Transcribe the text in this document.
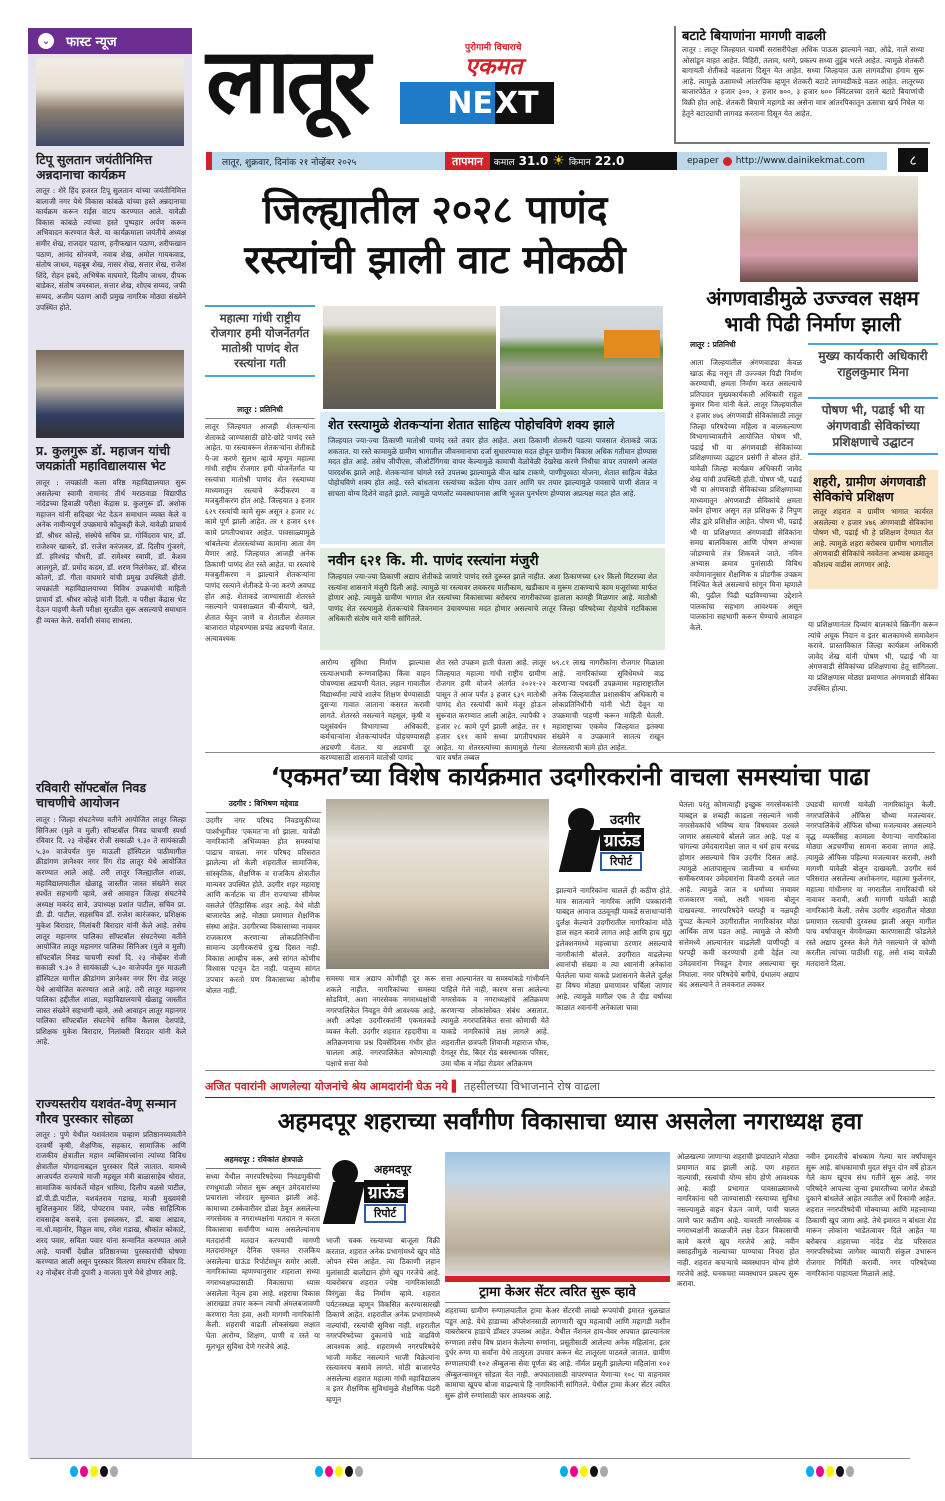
⌄ फास्ट न्यूज
टिपू सुलतान जयंतीनिमित्त अन्नदानाचा कार्यक्रम
लातूर : शेरे हिंद हजरत टिपू सुलतान यांच्या जयंतीनिमित्त बालाजी नगर येथे विकास कांबळे यांच्या हस्ते अन्नदानाचा कार्यक्रम करून राईस वाटप करण्यात आले. यावेळी विकास कांबळे त्यांच्या हस्ते पुष्पहार अर्पण करून अभिवादन करण्यात केले. या कार्यक्रमाला जयंतीचे अध्यक्ष समीर शेख, राजदार पठाण, हनीफखान पठाण, शरीफखान पठाण, आनंद सोनवणे, नवाब शेख, अमोल गायकवाड, संतोष जाधव, महबूब शेख, नासर शेख, सत्तार शेख, राजेश शिंदे, रोहन हबदे, अभिषेक वाघमारे, दिलीप जाधव, दीपक बाडेकर, संतोष जयस्वाल, सत्तार शेख, शोएब सय्यद, जफी सय्यद, अजीम पठाण आदी प्रमुख नागरिक मोठ्या संख्येने उपस्थित होते.
प्र. कुलगुरू डॉ. महाजन यांची जयक्रांती महाविद्यालयास भेट
लातूर : जयक्रांती कला वरिष्ठ महाविद्यालयात सुरू असलेल्या स्वामी रामानंद तीर्थ मराठवाडा विद्यापीठ नांदेडच्या हिवाळी परीक्षा केंद्रास प्र. कुलगुरू डॉ. अशोक महाजन यांनी सदिच्छा भेट देऊन समाधान व्यक्त केले व अनेक नावीन्यपूर्ण उपक्रमाचे कौतुकही केले. यावेळी प्राचार्य डॉ. श्रीधर कोल्हे, संस्थेचे सचिव प्रा. गोविंदराव घार, डॉ. राजेश्वर खाकरे, डॉ. राजेश करंजकर, डॉ. दिलीप गुंजरगे, डॉ. हरिश्चंद्र चौधरी, डॉ. रामेश्वर स्वामी, डॉ. केशव आलगुले, डॉ. प्रमोद कदम, डॉ. शरण निलंगेकर, डॉ. धीरज कोतगे, डॉ. गीता वाघमारे यांची प्रमुख उपस्थिती होती. जयक्रांती महाविद्यालयाच्या विविध उपक्रमांची माहिती प्राचार्य डॉ. श्रीधर कोल्हे यांनी दिली. व परीक्षा केंद्रास भेट देऊन पाहणी केली परीक्षा सुरळीत सुरू असल्याचे समाधान ही व्यक्त केले. सर्वांशी संवाद साधला.
रविवारी सॉफ्टबॉल निवड चाचणीचे आयोजन
लातूर : जिल्हा संघटनेच्या वतीने आयोजित लातूर जिल्हा सिनिअर (मुले व मुली) सॉफ्टबॉल निवड चाचणी स्पर्धा रविवार दि. २३ नोव्हेंबर रोजी सकाळी ९.३० ते सायंकाळी ५.३० वाजेपर्यंत गुरु माऊली हॉस्पिटल पाठीमागील क्रीडांगण ज्ञानेश्वर नगर रिंग रोड लातूर येथे आयोजित करण्यात आले आहे. तरी लातूर जिल्ह्यातील शाळा, महाविद्यालयातील खेळाडू जास्तीत जास्त संख्येने सदर स्पर्धेत सहभागी व्हावे, असे आवाहन जिल्हा संघटनेचे अध्यक्ष मकरंद सावे, उपाध्यक्ष प्रशांत पाटील, सचिव प्रा. डी. डी. पाटील, सहसचिव डॉ. राजेश कारंजकर, प्रशिक्षक मुकेश बिरादार, निलांबरी बिरादार यांनी केले आहे. तसेच लातूर महानगर पालिका सॉफ्टबॉल संघटनेच्या वतीने आयोजित लातूर महानगर पालिका सिनिअर (मुले व मुली) सॉफ्टबॉल निवड चाचणी स्पर्धा दि. २३ नोव्हेंबर रोजी सकाळी ९.३० ते सायंकाळी ५.३० वाजेपर्यंत गुरु माऊली हॉस्पिटल मागील क्रीडांगण ज्ञानेश्वर नगर रिंग रोड लातूर येथे आयोजित करण्यात आले आहे. तरी लातूर महानगर पालिका हद्दीतील शाळा, महाविद्यालयाचे खेळाडू जास्तीत जास्त संख्येने सहभागी व्हावे, असे आवाहन लातूर महानगर पालिका सॉफ्टबॉल संघटनेचे सचिव कैलास देशपांडे, प्रशिक्षक मुकेश बिरादार, निलांबरी बिरादार यांनी केले आहे.
राज्यस्तरीय यशवंत-वेणू सन्मान गौरव पुरस्कार सोहळा
लातूर : पुणे येथील यशवंतराव चव्हाण प्रतिष्ठानच्यावतीने दरवर्षी कृषी, शैक्षणिक, सहकार, सामाजिक आणि राजकीय क्षेत्रातील महान व्यक्तिमत्त्वांना त्यांच्या विविध क्षेत्रातील योगदानाबद्दल पुरस्कार दिले जातात. यामध्ये आजपर्यंत राज्याचे माजी महसूल मंत्री बाळासाहेब थोरात, सामाजिक कार्यकर्ते मोहन धारिया, दिलीप वळसे पाटील, डॉ.पी.डी.पाटील, यशवंतराव गडाख, माजी मुख्यमंत्री सुशिलकुमार शिंदे, पोपटराव पवार, ज्येष्ठ साहित्यिक रावसाहेब कसबे, दत्ता इस्वलकर, डॉ. बाबा आढाव, ना.धो.महानोर, विठ्ठल वाघ, रमेश गडाख, श्रीकांत कोकाटे, शरद पवार, सविता पवार यांना सन्मानित करण्यात आले आहे. यावर्षी देखील प्रतिष्ठानच्या पुरस्कारांची घोषणा करण्यात आली असून पुरस्कार वितरण समारंभ रविवार दि. २३ नोव्हेंबर रोजी दुपारी ३ वाजता पुणे येथे होणार आहे.
लातूर	पुरोगामी विचाराचे
एकमत
NE XT
लातूर, शुक्रवार, दिनांक २१ नोव्हेंबर २०२५	तापमान	कमाल 31.0 ☀ किमान 22.0	epaper http://www.dainikekmat.com	८
बटाटे बियाणांना मागणी वाढली
लातूर : लातूर जिल्हयात यावर्षी सरासरीपेक्षा अधिक पाऊस झाल्याने नद्या, ओढे, नाले सध्या ओसांडून वाहत आहेत. विहिरी, तलाव, धरणे, प्रकल्प सध्या तुडुंब भरले आहेत. त्यामुळे शेतकरी बागायती शेतीकडे वळताना दिसून येत आहेत. सध्या जिल्हयात ऊस लागवडीचा हंगाम सुरू आहे. त्यामुळे ऊसामध्ये आंतरपिक म्हणून शेतकरी बटाटे लागवडीकडे वळत आहेत. लातूरच्या बाजारपेठेत २ हजार ३००, २ हजार ७००, ३ हजार ७०० क्विंटलच्या दराने बटाटे बियाणांची विक्री होत आहे. शेतकरी बियाणे महागडे का असेना मात्र आंतरपिकातून ऊसाचा खर्च निघेल या हेतूने बटाट्याची लागवड करताना दिसून येत आहेत.
जिल्ह्यातील २०२८ पाणंद
रस्त्यांची झाली वाट मोकळी
महात्मा गांधी राष्ट्रीय रोजगार हमी योजनेंतर्गत मातोश्री पाणंद शेत रस्त्यांना गती
लातूर : प्रतिनिधी
लातूर जिल्हयात आजही शेतकऱ्यांना शेताकडे जाण्यासाठी छोटे-छोटे पाणंद रस्ते आहेत. या रस्त्यावरून शेतकऱ्यांना शेतीकडे ये-जा करणे सुलभ व्हावे म्हणून महात्मा गांधी राष्ट्रीय रोजगार हमी योजनेंतर्गत या रस्त्यांचा मातोश्री पाणंद शेत रस्त्याच्या माध्यमातून रस्त्याचे रूंदीकरण व मजबुतीकरण होत आहे. जिल्हयात ३ हजार ६२९ रस्त्यांची कामे सुरू असून २ हजार २८ कामे पूर्ण झाली आहेत. तर १ हजार ६११ कामे प्रगतीपथावर आहेत. पावसाळ्यामुळे थांबलेल्या शेतरस्त्यांच्या कामांना आता वेग येणार आहे. जिल्हयात आजही अनेक ठिकाणी पाणंद शेत रस्ते आहेत. या रस्त्यांचे मजबुतीकरण न झाल्याने शेतकऱ्यांना पाणंद रस्त्याने शेतीकडे ये-जा करणे अवघड होत आहे. शेताकडे जाण्यासाठी शेतरस्ते नसल्याने पावसाळ्यात बी-बीयाणे, खते, शेतात घेवून जाणे व शेतातील शेतमाल बाजारात पोहचण्यास प्रचंड अडचणी येतात. अत्यावश्यक
शेत रस्त्यामुळे शेतकऱ्यांना शेतात साहित्य पोहोचविणे शक्य झाले
जिल्हयात ज्या-ज्या ठिकाणी मातोश्री पाणंद रस्ते तयार होत आहेत. अशा ठिकाणी शेतकरी पडत्या पावसात शेताकडे जाऊ शकतात. या रस्ते कामामुळे ग्रामीण भागातील जीवनमानाचा दर्जा सुधारण्यास मदत होवून ग्रामीण विकास अधिक गतीमान होण्यास मदत होत आहे. तसेच जीपीएस, जीओटॅगिंगचा वापर केल्यामुळे कामाची वेळोवेळी देखरेख करणे निधीचा वापर तपासणे अत्यंत पारदर्शक झाले आहे. शेतकऱ्यांना चांगले रस्ते उपलब्ध झाल्यामुळे वीज खांब टाकणे, पाणीपुरवठा योजना, शेतात साहित्य वेळेत पोहोचविणे शक्य होत आहे. रस्ते बांधताना रस्त्यांच्या कडेला योग्य उतार आणि चर तयार झाल्यामुळे पावसाचे पाणी शेतात न साचता योग्य दिशेने वाहते झाले. त्यामुळे पाणलोट व्यवस्थापनास आणि भूजल पुनर्भरण होण्यास अप्रत्यक्ष मदत होत आहे.
नवीन ६२१ कि. मी. पाणंद रस्त्यांना मंजुरी
जिल्हयात ज्या-ज्या ठिकाणी अद्याप शेतीकडे जाणारे पाणंद रस्ते दुरूस्त झाले नाहीत. अशा ठिकाणच्या ६२१ किलो मिटरच्या शेत रस्त्यांना शासनाने मंजुरी दिली आहे. त्यामुळे या रस्त्यावर लवकरच मातीकाम, खडीकाम व मुरूम टाकण्याचे काम मजूरांच्या मार्फत होणार आहे. त्यामुळे ग्रामीण भागात शेत रस्त्यांच्या विकासाच्या बरोबरच नागरीकांच्या हाताला कामही मिळणार आहे. मातोश्री पाणंद शेत रस्त्यामुळे शेतकऱ्यांचे जिवनमान उंचावण्यास मदत होणार असल्याचे लातूर जिल्हा परिषदेच्या रोहयोचे गटविकास अधिकारी संतोष माने यांनी सांगितले.
आरोग्य सुविधा निर्माण झाल्यास रस्त्याअभावी रूग्णवाहिका किंवा वाहन पोचण्यास अडचणी येतात. लहान गावातील विद्यार्थ्यांना त्यांचे शालेय शिक्षण घेण्यासाठी दुसऱ्या गावात जाताना कसरत करावी लागते. शेतरस्ते नसल्याने महसूल, कृषी व पशुसंवर्धन विभागाच्या अधिकारी, कर्मचाऱ्यांना शेतकऱ्यांपर्यंत पोहचण्यासही अडचणी येतात. या अडचणी दूर करण्यासाठी शासनाने मातोश्री पाणंद
शेत रस्ते उपक्रम हाती घेतला आहे. लातूर जिल्हयात महात्मा गांधी राष्ट्रीय ग्रामीण रोजगार हमी योजने अंतर्गत २०२१-२२ पासून ते आज पर्यंत ३ हजार ६३९ मातोश्री पाणंद शेत रस्त्यांची कामे मंजूर होऊन सुरूवात करण्यात आली आहेत. त्यापैकी २ हजार २८ कामे पूर्ण झाली आहेत. तर १ हजार ६११ कामे सध्या प्रगतीपथावर आहेत. या शेतरस्त्यांच्या कामामुळे गेल्या चार वर्षात तब्बल
७९.८१ लाख नागरीकांना रोजगार मिळाला आहे. नागरिकांच्या सुविधेमध्ये वाढ करणाऱ्या पथदर्शी उपक्रमास महाराष्ट्रातील अनेक जिल्हयातील प्रशासकीय अधिकारी व लोकप्रतिनिधींनी यांनी भेटी देवून या उपक्रमाची पाहणी करून माहिती घेतली. महाराष्ट्राच्या एकमेव जिल्हयात इतक्या संख्येने व उपक्रमाने सातत्य राखून शेतरस्त्याची कामे होत आहेत.
अंगणवाडीमुळे उज्ज्वल सक्षम भावी पिढी निर्माण झाली
लातूर : प्रतिनिधी
मुख्य कार्यकारी अधिकारी राहुलकुमार मिना
पोषण भी, पढाई भी या अंगणवाडी सेविकांच्या प्रशिक्षणाचे उद्घाटन
आता जिल्हयातील अंगणवाड्या केवळ खाऊ केंद्र नसून ती उज्ज्वल पिढी निर्माण करण्याची, क्षमता निर्माण करत असल्याचे प्रतिपादन मुख्यकार्यकारी अधिकारी राहुल कुमार मिना यांनी केले. लातूर जिल्हयातील २ हजार ४७६ अंगणवाडी सेविकांसाठी लातूर जिल्हा परिषदेच्या महिला व बालकल्याण विभागाच्यावतीने आयोजित पोषण भी, पढाई भी या अंगणवाडी सेविकांच्या प्रशिक्षणाच्या उद्घाटन प्रसंगी ते बोलत होते. यावेळी जिल्हा कार्यक्रम अधिकारी जावेद शेख यांची उपस्थिती होती. पोषण भी, पढाई भी या अंगणवाडी सेविकांच्या प्रशिक्षणाच्या माध्यमातून अंगणवाडी सेविकांचे क्षमता वर्धन होणार असून तज्ञ प्रशिक्षक हे निपुण लीड द्वारे प्रशिक्षीत आहेत. पोषण भी, पढाई भी या प्रशिक्षणात अंगणवाडी सेविकांना समग्र बालविकास आणि पोषण अभ्यास जोडण्याचे तंत्र शिकवले जाते. नविन अभ्यास क्रमाव पुनांसाठी विविध वयोमानानुसार शैक्षणिक व प्रोडगीक उपक्रम निश्चित केले असल्याचे सांगून मिना म्हणाले की, पुढील पिढी घडविण्याच्या उद्देशाने पालकांचा सहभाग आवश्यक असून पालकांना सहभागी करून घेण्याचे आवाहन केले.
शहरी, ग्रामीण अंगणवाडी सेविकांचे प्रशिक्षण
लातूर शहरात व ग्रामीण भागात कार्यरत असलेल्या २ हजार ४७६ अंगणवाडी सेविकांना पोषण भी, पढाई भी हे प्रशिक्षण देण्यात येत आहे. त्यामुळे शहरा बरोबरच ग्रामीण भागातील अंगणवाडी सेविकांचे नववेतना अभ्यास क्रमातून कौशल्य वाढीस लागणार आहे.
या प्रशिक्षणानंतर दिव्यांग बालकांचे स्क्रिनींग करून त्यांचे अचूक निदान व इतर बालकामध्ये समावेशन करावे. प्रास्ताविकात जिल्हा कार्यक्रम अधिकारी जावेद शेख यांनी पोषण भी, पढाई भी या अंगणवाडी सेविकांच्या प्रशिक्षणाचा हेतू सांगितला. या प्रशिक्षणास मोठ्या प्रमाणात अंगणवाडी सेविका उपस्थित होत्या.
‘एकमत’च्या विशेष कार्यक्रमात उदगीरकरांनी वाचला समस्यांचा पाढा
उदगीर : बिभिषण मद्देवाड
उदगीर नगर परिषद निवडणुकीच्या पार्श्वभूमीवर ‘एकमत’ना शो झाला. यावेळी नागरिकांनी अभिव्यक्त होत समस्यांचा पाढाच वाचला. नगर परिषद परिसरात झालेल्या शो केली शहरातील सामाजिक, सांस्कृतिक, शैक्षणिक व राजकिय क्षेत्रातील मान्यवर उपस्थित होते. उदगीर शहर महाराष्ट्र आणि कर्नाटक या तीन राज्याच्या सीमेवर वसलेले ऐतिहासिक शहर आहे. येथे मोठी बाजारपेठ आहे. मोठ्या प्रमाणात शैक्षणिक संस्था आहेत. उदगीरच्या विकासाच्या नावावर राजकारण करणाऱ्या लोकप्रतिनिधींना सामान्य उदगीरकरांचे दुःख दिसत नाही. विकास आम्हीच करू, असे सांगत कोणीच विश्वास पटवून देत नाही. पालुम्य सांगत उपचार करतो पण विकासाच्या कोणीच बोलत नाही.
समस्या मात्र अद्याप कोणीही दूर करू शकले नाहीत. नागरिकांच्या समस्या सोडविणे, अशा नगरसेवक नगराध्यक्षांची नगरपालिकेत निवडून येणे आवश्यक आहे, अशी अपेक्षा उदगीरकरांनी एकमतकडे व्यक्त केली. उदगीर शहरात रहदारीचा व अतिक्रमणाचा प्रश्न दिवसेंदिवस गंभीर होत चालला आहे. नगरपालिकेत कोणत्याही पक्षाचे सत्ता येवो
सत्ता आल्यानंतर या समस्यांकडे गांभीर्याने पाहिले गेले नाही, कारण सत्ता आलेल्या नगरसेवक व नगराध्यक्षांचे अतिक्रमण करणाऱ्या लोकांसोबत संबंध असतात. त्यामुळे नगरपालिकेत सत्ता कोणाची येते याकडे नागरिकांचे लक्ष लागले आहे. शहरातील छत्रपती शिवाजी महाराज चौक, देगलूर रोड, बिदर रोड बसस्थानक परिसर, उमा चौक व मोंढा रोडवर अतिक्रमण
उदगीर
ग्राऊंड
रिपोर्ट
झाल्याने नागरिकांना चालले ही कठीण होते. मात्र सातत्याने नागरिक आणि पत्रकारांनी याबद्दल आवाज उठवूनही याकडे सत्ताधाऱ्यांनी दुर्लक्ष केल्याने उदगीरातील नागरिकांना मोठे हाल सहन करावे लागत आहे आणि हाच मुद्दा इलेक्शनमध्ये महत्त्वाचा ठरणार असल्याचे नागरीकांनी बोलले. उदगीरात वाढलेल्या श्वानांची संख्या व त्या श्वानांनी अनेकांना घेतलेला चावा याकडे प्रशासनाने केलेले दुर्लक्ष हा विषय मोठ्या प्रमाणावर चर्चिला जाणार आहे. त्यामुळे मागील एक ते दीड वर्षांच्या काळात श्वानांनी अनेकाला चावा
घेतला परंतु कोणत्याही इच्छुक नगरसेवकांनी याबद्दल ब्र शब्दही काढला नसल्याने भावी नगरसेवकांचे भविष्य याच विषयावर ठरवले जाणार असल्याचे बोलले जात आहे. पक्ष व चांगल्या उमेदवारापेक्षा जात व धर्म हाच वरचढ होणार असल्याचे चित्र उदगीर दिसत आहे. त्यामुळे आतापासूनच जातीच्या व धर्माच्या समीकरणावर उमेदवारांना विजयी ठरवले जात आहे. त्यामुळे जात व धर्माच्या नावावर राजकारण नको, अशी भावना बोलून दाखवल्या. नगरपरिषदेने घरपट्टी व नळपट्टी दुप्पट केल्याने उदगीरातील नागरिकांवर मोठा आर्थिक ताण पडत आहे. त्यामुळे जे कोणी सत्तेमध्ये आल्यानंतर वाढलेली पाणीपट्टी व घरपट्टी कमी करण्याची हमी देईल त्या उमेदवारांना निवडून देणार असल्याचा सुर निघाला. नगर परिषदेचे बगीचे, ग्रंथालय अद्याप बंद असल्याने ते लवकरात लवकर
उघडची मागणी यावेळी नागरिकांतून केली. नगरपालिकेचे ऑफिस चौथ्या मजल्यावर. नगरपालिकेचे ऑफिस चौथ्या मजल्यावर असल्याने वृद्ध व्यक्तींसह कामाला येणाऱ्या नागरिकांना मोठ्या अडचणींचा सामना करावा लागत आहे. त्यामुळे ऑफिस पहिल्या मजल्यावर करावी, अशी मागणी यावेळी बोलून दाखवली. उदगीर सर्व परिसरात असलेल्या अशोकनगर, महात्मा फुलेनगर, महात्मा गांधीनगर या नगरातील नागरिकांची घरे नावावर करावी, अशी मागणी यावेळी काही नागरिकांनी केली. तसेच उदगीर शहरातील मोठ्या प्रमाणात रस्त्याची दुरवस्था झाली असून मागील पाच वर्षापासून वेगवेगळ्या कारणासाठी फोडलेले रस्ते अद्याप दुरुस्त केले गेले नसल्याने जे कोणी करतील त्यांच्या पाठीशी राहू, असे शब्द यावेळी मतदाराने दिला.
अजित पवारांनी आणलेल्या योजनांचे श्रेय आमदारांनी घेऊ नये ▌ तहसीलच्या विभाजनाने रोष वाढला
अहमदपूर शहराच्या सर्वांगीण विकासाचा ध्यास असलेला नगराध्यक्ष हवा
अहमदपूर : रविकांत क्षेत्रपाळे
सध्या येथील नगरपरिषदेच्या निवडणुकीची रणधुमाळी जोरात सुरू असून उमेदवारांच्या प्रचाराला जोरदार सुरुवात झाली आहे. कामाच्या टक्केवारीवर डोळा ठेवून असलेल्या नगरसेवक व नगराध्यक्षांना मतदान न करता विकासाचा सर्वांगीण ध्यास असलेल्यांनाच मतदारांनी मतदान करण्याची मागणी मतदारांमधून दैनिक एकमत राजकिय असलेल्या ग्राऊंड रिपोर्टमधून समोर आली. नागरिकांच्या म्हणण्यानुसार शहराला सध्या नगराध्यक्षपदासाठी विकासाचा ध्यास असलेला नेतृत्व हवा आहे. शहराचा विकास आराखडा तयार करून त्याची अंमलबजावणी करणारा नेता हवा, अशी मागणी नागरिकांनी केली. शहराची वाढती लोकसंख्या लक्षात घेता आरोग्य, शिक्षण, पाणी व रस्ते या मूलभूत सुविधा देणे गरजेचे आहे.
अहमदपूर
ग्राऊंड
रिपोर्ट
भाजी चक्क रस्त्याच्या बाजूला विक्री करतात. शहरात अनेक प्रभागांमध्ये खूप मोठे ओपन स्पेस आहेत. त्या ठिकाणी लहान मुलांसाठी बालोद्यान होणे खूप गरजेचे आहे. याबरोबरच शहरात ज्येष्ठ नागरिकांसाठी विरंगुळा केंद्र निर्माण व्हावे. शहरात पर्यटनस्थळ म्हणून विकसित करण्यासारखी ठिकाणे आहेत. शहरातील अनेक प्रभागांमध्ये नाल्यांची, रस्त्यांची सुविधा नाही. शहरातील नगरपरिषदेच्या दुकानांचे भाडे वाढविणे आवश्यक आहे. शहरामध्ये नगरपरिषदेचे भाजी मार्केट नसल्याने भाजी विक्रेत्यांना रस्त्यावरच बसावे लागते. मोठी बाजारपेठ असलेल्या शहरात महात्मा गांधी महाविद्यालय व इतर शैक्षणिक सुविधांमुळे शैक्षणिक पंढरी म्हणून
ट्रामा केअर सेंटर त्वरित सुरू व्हावे
शहराच्या ग्रामीण रुग्णालयातील ट्रामा केअर सेंटरची लाखो रूपयांची इमारत धुळखात पडून आहे. येथे हाडाच्या ऑपरेशनसाठी लागणारी खूप महत्वाची आणि महागडी मशीन याबरोबरच हाडाचे डॉक्टर उपलब्ध आहेत. येथील नॅशनल हाय-वेवर अपघात झाल्यानंतर रुग्णाला तसेच विष प्राशन केलेल्या रुग्णांना, प्रसूतीसाठी आलेल्या अनेक महिलांना, इतर दुर्धर रुग्ण या सर्वांना येथे तात्पुरता उपचार करून थेट लातूरला पाठवले जातात. ग्रामीण रुग्णालयाची १०२ ॲम्बुलन्स सेवा पूर्णतः बंद आहे. नॉर्मल प्रसूती झालेल्या महिलांना १०२ ॲम्बुलन्समधून सोडता येत नाही. अपघातासाठी वापरण्यात येणाऱ्या १०८ या वाहनावर कामाचा खूपच बोजा वाढल्याचे हि नागरिकांनी सांगितले. येथील ट्रामा केअर सेंटर त्वरित सुरू होणे रुग्णांसाठी फार आवश्यक आहे.
ओळखल्या जाणाऱ्या शहराची झपाट्याने मोठ्या प्रमाणात वाढ झाली आहे. पण शहरात नाल्याची, रस्त्यांची योग्य सोय होणे आवश्यक आहे. काही प्रभागात पावसाळ्यामध्ये नागरिकांना घरी जाण्यासाठी रस्त्याच्या सुविधा नसल्यामुळे वाहन घेऊन जाणे, पायी चालत जाणे फार कठीण आहे. यावरती नगरसेवक व नगराध्यक्षांनी काळजीने लक्ष देऊन विकासाची कामे करणे खूप गरजेचे आहे. नवीन वसाहतीमुळे नाल्याच्या पाण्याचा निचरा होत नाही. शहरात कचऱ्याचे व्यवस्थापन योग्य होणे गरजेचे आहे. घनकचरा व्यवस्थापन प्रकल्प सुरू करावा.
नवीन इमारतीचे बांधकाम गेल्या चार वर्षांपासून सुरू आहे. बांधकामाची मुदत संपून दोन वर्षे होऊन गेले काम खूपच संथ गतीने सुरू आहे. नगर परिषदेने आपल्या जुन्या इमारतीच्या जागेत शेकडो दुकाने बांधलेले आहेत त्यातील अर्धे रिकामी आहेत. शहरात नगरपरिषदेची मोक्याच्या आणि महत्त्वाच्या ठिकाणी खूप जागा आहे. तेथे इमारत न बांधता शेड मारून लोकांना भाडेतत्वावर दिले आहेत या बरोबरच शहराच्या नांदेड रोड परिसरात नगरपरिषदेच्या जागेवर व्यापारी संकुल उभारून रोजगार निर्मिती करावी. नगर परिषदेच्या नागरिकांना पाहायला मिळाले आहे.
